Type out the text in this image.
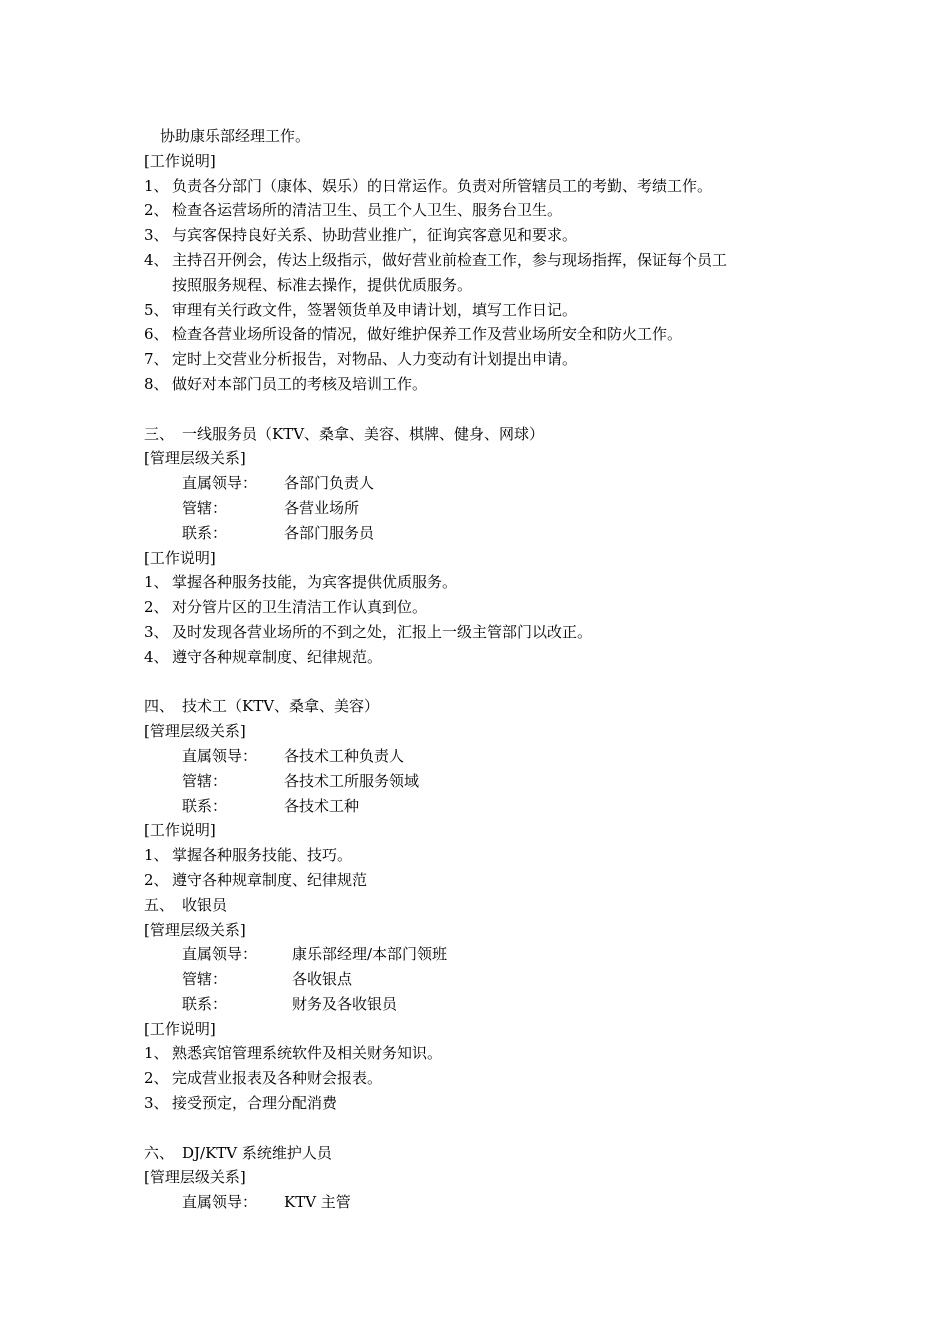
协助康乐部经理工作。
[工作说明]
1、 负责各分部门（康体、娱乐）的日常运作。负责对所管辖员工的考勤、考绩工作。
2、 检查各运营场所的清洁卫生、员工个人卫生、服务台卫生。
3、 与宾客保持良好关系、协助营业推广，征询宾客意见和要求。
4、 主持召开例会，传达上级指示，做好营业前检查工作，参与现场指挥，保证每个员工
按照服务规程、标准去操作，提供优质服务。
5、 审理有关行政文件，签署领货单及申请计划，填写工作日记。
6、 检查各营业场所设备的情况，做好维护保养工作及营业场所安全和防火工作。
7、 定时上交营业分析报告，对物品、人力变动有计划提出申请。
8、 做好对本部门员工的考核及培训工作。
三、 一线服务员（KTV、桑拿、美容、棋牌、健身、网球）
[管理层级关系]
直属领导： 各部门负责人
管辖：	各营业场所
联系：	各部门服务员
[工作说明]
1、 掌握各种服务技能，为宾客提供优质服务。
2、 对分管片区的卫生清洁工作认真到位。
3、 及时发现各营业场所的不到之处，汇报上一级主管部门以改正。
4、 遵守各种规章制度、纪律规范。
四、 技术工（KTV、桑拿、美容）
[管理层级关系]
直属领导： 各技术工种负责人
管辖：	各技术工所服务领域
联系：	各技术工种
[工作说明]
1、 掌握各种服务技能、技巧。
2、 遵守各种规章制度、纪律规范
五、 收银员
[管理层级关系]
直属领导： 康乐部经理/本部门领班
管辖：	各收银点
联系：	财务及各收银员
[工作说明]
1、 熟悉宾馆管理系统软件及相关财务知识。
2、 完成营业报表及各种财会报表。
3、 接受预定，合理分配消费
六、 DJ/KTV 系统维护人员
[管理层级关系]
直属领导： KTV 主管
